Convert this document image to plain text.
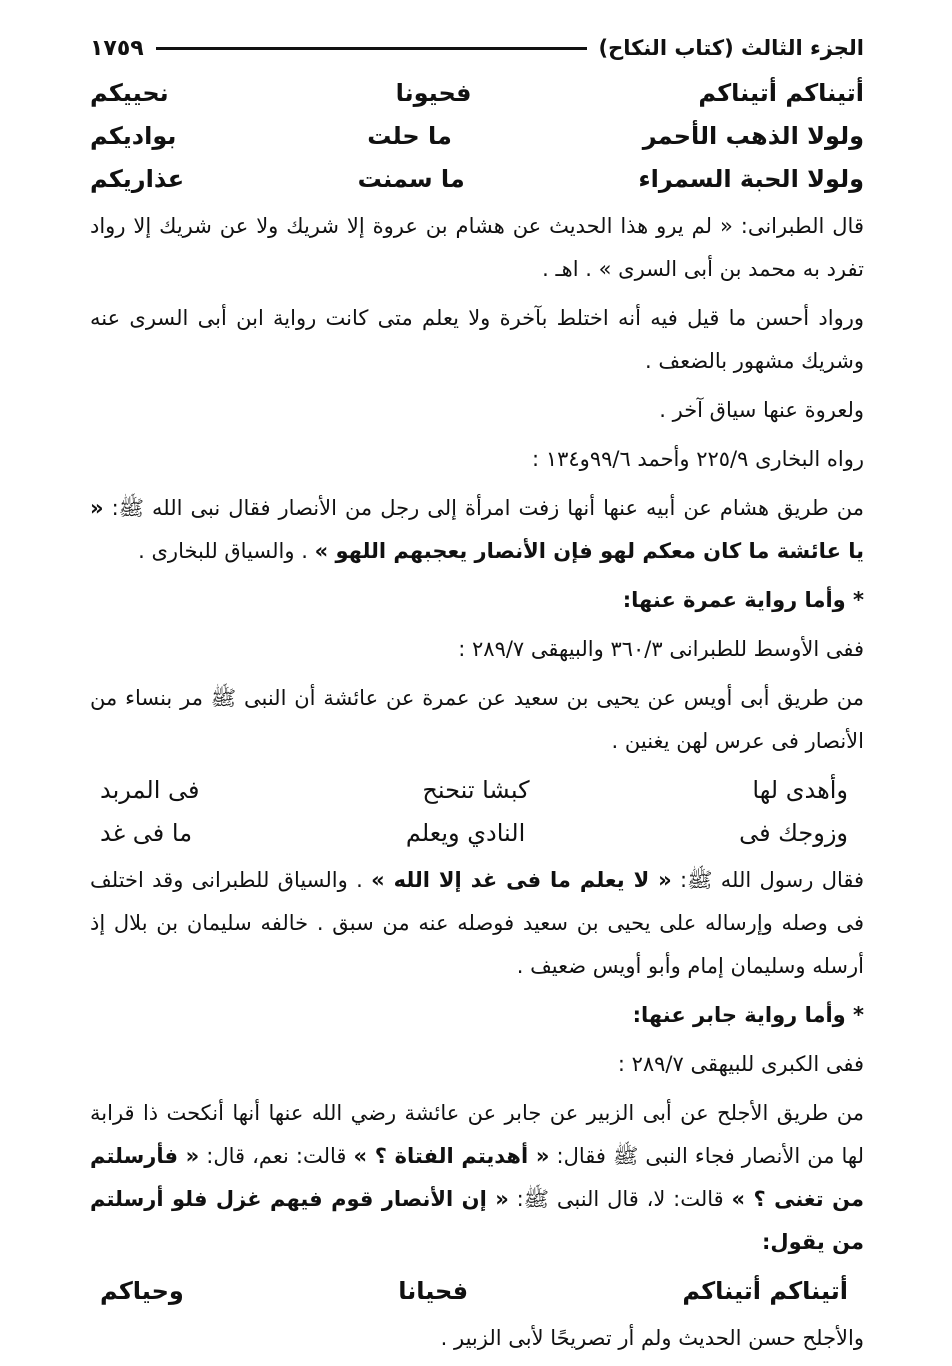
الجزء الثالث (كتاب النكاح)
١٧٥٩
أتيناكم أتيناكم
فحيونا
نحييكم
ولولا الذهب الأحمر
ما حلت
بواديكم
ولولا الحبة السمراء
ما سمنت
عذاريكم

قال الطبرانى: « لم يرو هذا الحديث عن هشام بن عروة إلا شريك ولا عن شريك إلا رواد تفرد به محمد بن أبى السرى » . اهـ .

ورواد أحسن ما قيل فيه أنه اختلط بآخرة ولا يعلم متى كانت رواية ابن أبى السرى عنه وشريك مشهور بالضعف .

ولعروة عنها سياق آخر .

رواه البخارى ٢٢٥/٩ وأحمد ٩٩/٦و١٣٤ :

من طريق هشام عن أبيه عنها أنها زفت امرأة إلى رجل من الأنصار فقال نبى الله ﷺ: « يا عائشة ما كان معكم لهو فإن الأنصار يعجبهم اللهو » . والسياق للبخارى .

* وأما رواية عمرة عنها:

ففى الأوسط للطبرانى ٣٦٠/٣ والبيهقى ٢٨٩/٧ :

من طريق أبى أويس عن يحيى بن سعيد عن عمرة عن عائشة أن النبى ﷺ مر بنساء من الأنصار فى عرس لهن يغنين .

وأهدى لها
كبشا تنحنح
فى المربد
وزوجك فى
النادي ويعلم
ما فى غد

فقال رسول الله ﷺ: « لا يعلم ما فى غد إلا الله » . والسياق للطبرانى وقد اختلف فى وصله وإرساله على يحيى بن سعيد فوصله عنه من سبق . خالفه سليمان بن بلال إذ أرسله وسليمان إمام وأبو أويس ضعيف .

* وأما رواية جابر عنها:

ففى الكبرى للبيهقى ٢٨٩/٧ :

من طريق الأجلح عن أبى الزبير عن جابر عن عائشة رضي الله عنها أنها أنكحت ذا قرابة لها من الأنصار فجاء النبى ﷺ فقال: « أهديتم الفتاة ؟ » قالت: نعم، قال: « فأرسلتم من تغنى ؟ » قالت: لا، قال النبى ﷺ: « إن الأنصار قوم فيهم غزل فلو أرسلتم من يقول:

أتيناكم أتيناكم
فحيانا
وحياكم

والأجلح حسن الحديث ولم أر تصريحًا لأبى الزبير .
